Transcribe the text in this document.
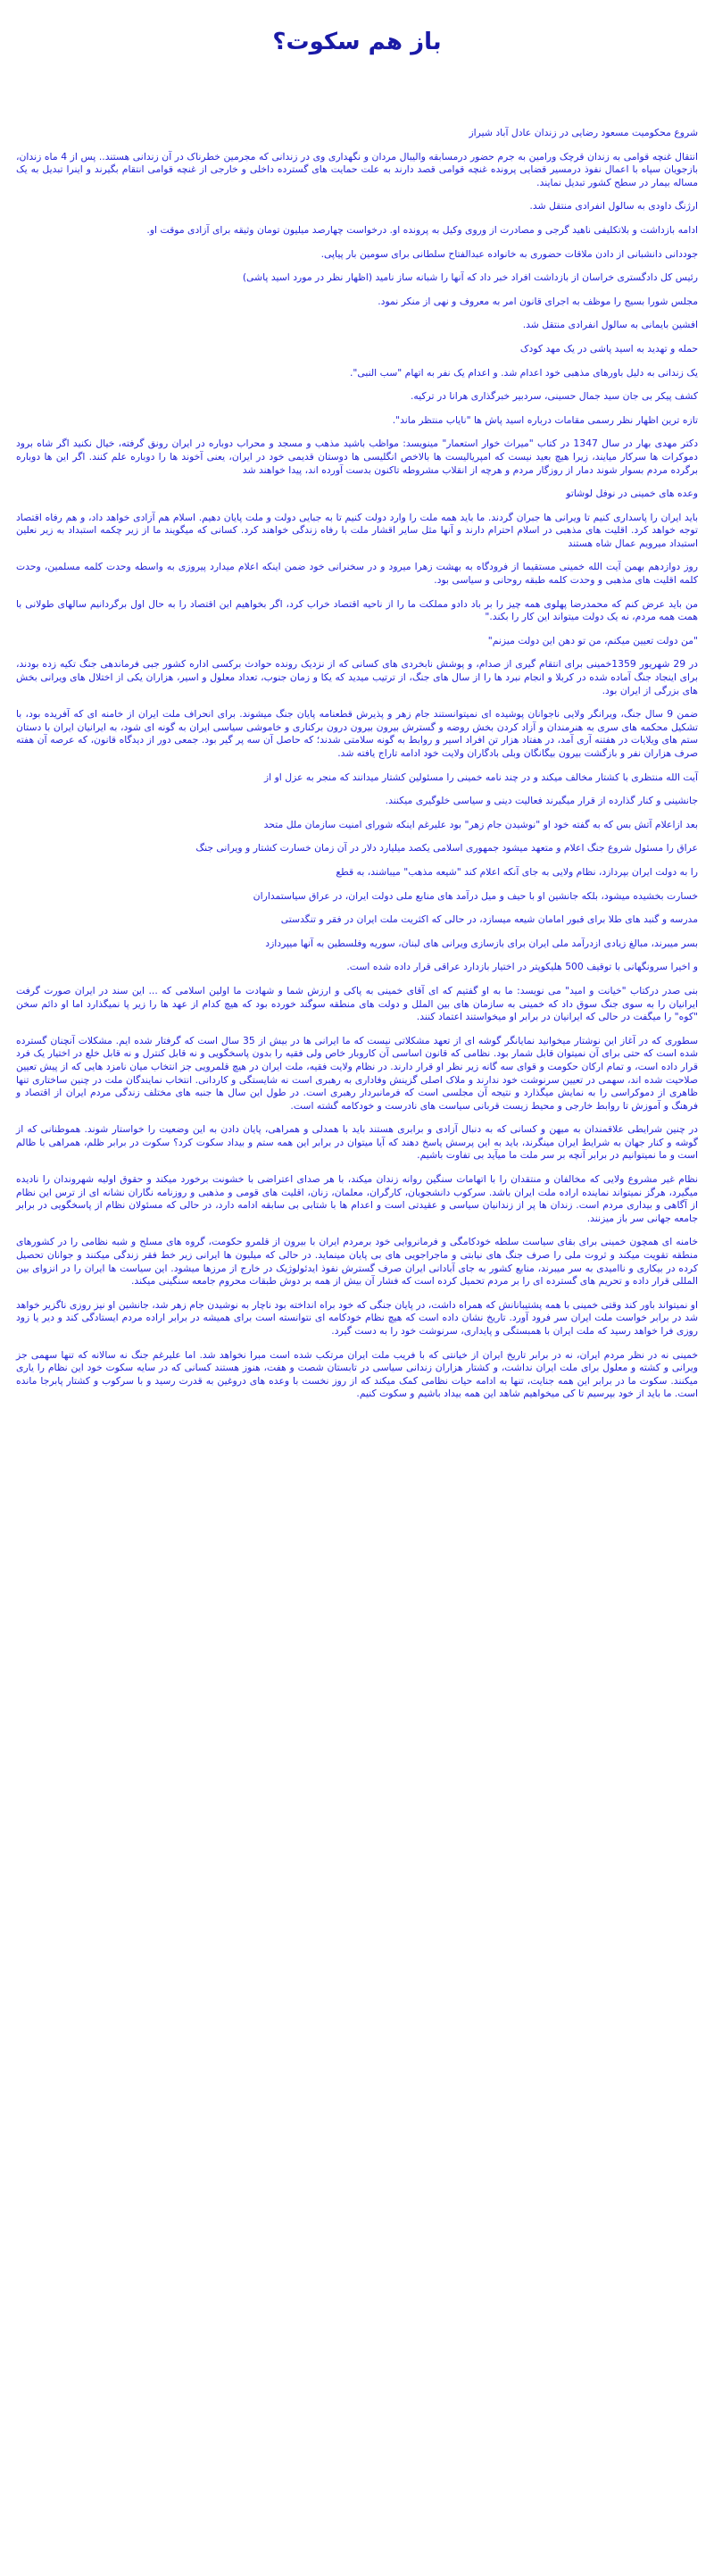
باز هم سکوت؟

شروع محکومیت مسعود رضایی در زندان عادل آباد شیراز

انتقال غنچه قوامی به زندان قرچک ورامین به جرم حضور درمسابقه والیبال مردان و نگهداری وی در زندانی که مجرمین خطرناک در آن زندانی هستند.. پس از 4 ماه زندان، بازجویان سپاه با اعمال نفوذ درمسیر قضایی پرونده غنچه قوامی قصد دارند به علت حمایت های گسترده داخلی و خارجی از غنچه قوامی انتقام بگیرند و اینرا تبدیل به یک مساله بیمار در سطح کشور تبدیل نمایند.

ارژنگ داودی به سالول انفرادی منتقل شد.

ادامه بازداشت و بلاتکلیفی ناهید گرجی و مصادرت از وروی وکیل به پرونده او. درخواست چهارصد میلیون تومان وثیقه برای آزادی موقت او.

جوددانی دانشبانی از دادن ملاقات حضوری به خانواده عبدالفتاح سلطانی برای سومین بار پیاپی.

رئیس کل دادگستری خراسان از بازداشت افراد خبر داد که آنها را شبانه ساز نامید (اظهار نظر در مورد اسید پاشی)

مجلس شورا بسیج را موظف به اجرای قانون امر به معروف و نهی از منکر نمود.

افشین بایمانی به سالول انفرادی منتقل شد.

حمله و تهدید به اسید پاشی در یک مهد کودک

یک زندانی به دلیل باورهای مذهبی خود اعدام شد. و اعدام یک نفر به اتهام "سب النبی".

کشف پیکر بی جان سید جمال حسینی، سردبیر خبرگذاری هرانا در ترکیه.

تازه ترین اظهار نظر رسمی مقامات درباره اسید پاش ها "نایاب منتظر ماند".

دکتر مهدی بهار در سال 1347 در کتاب "میراث خوار استعمار" مینویسد: مواظب باشید مذهب و مسجد و محراب دوباره در ایران رونق گرفته، خیال نکنید اگر شاه برود دموکرات ها سرکار میایند، زیرا هیچ بعید نیست که امپریالیست ها بالاخص انگلیسی ها دوستان قدیمی خود در ایران، یعنی آخوند ها را دوباره علم کنند. اگر این ها دوباره برگرده مردم بسوار شوند دمار از روزگار مردم و هرچه از انقلاب مشروطه تاکنون بدست آورده اند، پیدا خواهند شد

وعده های خمینی در نوفل لوشاتو

باید ایران را پاسداری کنیم تا ویرانی ها جبران گردند. ما باید همه ملت را وارد دولت کنیم تا به جبایی دولت و ملت پایان دهیم. اسلام هم آزادی خواهد داد، و هم رفاه اقتصاد توجه خواهد کرد. اقلیت های مذهبی در اسلام احترام دارند و آنها مثل سایر اقشار ملت با رفاه زندگی خواهند کرد. کسانی که میگویند ما از زیر چکمه استبداد به زیر نعلین استبداد میرویم عمال شاه هستند

روز دوازدهم بهمن آیت الله خمینی مستقیما از فرودگاه به بهشت زهرا میرود و در سخنرانی خود ضمن اینکه اعلام میدارد پیروزی به واسطه وحدت کلمه مسلمین، وحدت کلمه اقلیت های مذهبی و وحدت کلمه طبقه روحانی و سیاسی بود.

من باید عرض کنم که محمدرضا پهلوی همه چیز را بر باد دادو مملکت ما را از ناحیه اقتصاد خراب کرد، اگر بخواهیم این اقتصاد را به حال اول برگردانیم سالهای طولانی با همت همه مردم، نه یک دولت میتواند این کار را بکند."

"من دولت تعیین میکنم، من تو دهن این دولت میزنم"

در 29 شهریور 1359خمینی برای انتقام گیری از صدام، و پوشش نابخردی های کسانی که از نزدیک رونده حوادث برکسی اداره کشور جبی فرماندهی جنگ تکیه زده بودند، برای اینجاد جنگ آماده شده در کربلا و انجام نبرد ها را از سال های جنگ، از ترتیب میدید که یکا و زمان جنوب، تعداد معلول و اسیر، هزاران یکی از اختلال های ویرانی بخش های بزرگی از ایران بود.

ضمن 9 سال جنگ، ویرانگر ولایی ناجوانان پوشیده ای نمیتوانستند جام زهر و پذیرش قطعنامه پایان جنگ میشوند. برای انحراف ملت ایران از خامنه ای که آفریده بود، با تشکیل محکمه های سری به هنرمندان و آزاد کردن بخش روضه و گسترش بیرون بیرون درون برکناری و خاموشی سیاسی ایران به گونه ای شود، به ایرانیان ایران با دستان ستم های ویلایات در هفتنه آری آمد، در هفتاد هزار تن افراد اسیر و روابط به گونه سلامتی شدند؛ که حاصل آن سه پر گیر بود. جمعی دور از دیدگاه قانون، که عرصه آن هفته صرف هزاران نفر و بازگشت بیرون بیگانگان وبلی بادگاران ولایت خود ادامه تاراج یافته شد.

آیت الله منتظری با کشتار مخالف میکند و در چند نامه خمینی را مسئولین کشتار میدانند که منجر به عزل او از

جانشینی و کنار گذارده از قرار میگیرند فعالیت دینی و سیاسی خلوگیری میکنند.

بعد ازاعلام آتش بس که به گفته خود او "نوشیدن جام زهر" بود علیرغم اینکه شورای امنیت سازمان ملل متحد

عراق را مسئول شروع جنگ اعلام و متعهد میشود جمهوری اسلامی یکصد میلیارد دلار در آن زمان خسارت کشتار و ویرانی جنگ

را به دولت ایران بپردازد، نظام ولایی به جای آنکه اعلام کند "شیعه مذهب" میباشند، به قطع

خسارت بخشیده میشود، بلکه جانشین او با حیف و میل درآمد های منابع ملی دولت ایران، در عراق سیاستمداران

مدرسه و گنبد های طلا برای قبور امامان شیعه میسازد، در حالی که اکثریت ملت ایران در فقر و تنگدستی

بسر میبرند، مبالغ زیادی ازدرآمد ملی ایران برای بازسازی ویرانی های لبنان، سوریه وفلسطین به آنها میپردازد

و اخیرا سرونگهانی با توقیف 500 هلیکوپتر در اختیار بازدارد عراقی قرار داده شده است.

بنی صدر درکتاب "خیانت و امید" می نویسد: ما به او گفتیم که ای آقای خمینی به پاکی و ارزش شما و شهادت ما اولین اسلامی که ... این سند در ایران صورت گرفت ایرانیان را به سوی جنگ سوق داد که خمینی به سازمان های بین الملل و دولت های منطقه سوگند خورده بود که هیچ کدام از عهد ها را زیر پا نمیگذارد اما او دائم سخن "کوه" را میگفت در حالی که ایرانیان در برابر او میخواستند اعتماد کنند.

سطوری که در آغاز این نوشتار میخوانید نمایانگر گوشه ای از تعهد مشکلاتی نیست که ما ایرانی ها در بیش از 35 سال است که گرفتار شده ایم. مشکلات آنچنان گسترده شده است که حتی برای آن نمیتوان قابل شمار بود. نظامی که قانون اساسی آن کاروبار خاص ولی فقیه را بدون پاسخگویی و نه قابل کنترل و نه قابل خلع در اختیار یک فرد قرار داده است، و تمام ارکان حکومت و قوای سه گانه زیر نظر او قرار دارند. در نظام ولایت فقیه، ملت ایران در هیچ قلمرویی جز انتخاب میان نامزد هایی که از پیش تعیین صلاحیت شده اند، سهمی در تعیین سرنوشت خود ندارند و ملاک اصلی گزینش وفاداری به رهبری است نه شایستگی و کاردانی. انتخاب نمایندگان ملت در چنین ساختاری تنها ظاهری از دموکراسی را به نمایش میگذارد و نتیجه آن مجلسی است که فرمانبردار رهبری است. در طول این سال ها جنبه های مختلف زندگی مردم ایران از اقتصاد و فرهنگ و آموزش تا روابط خارجی و محیط زیست قربانی سیاست های نادرست و خودکامه گشته است.

در چنین شرایطی علاقمندان به میهن و کسانی که به دنبال آزادی و برابری هستند باید با همدلی و همراهی، پایان دادن به این وضعیت را خواستار شوند. هموطنانی که از گوشه و کنار جهان به شرایط ایران مینگرند، باید به این پرسش پاسخ دهند که آیا میتوان در برابر این همه ستم و بیداد سکوت کرد؟ سکوت در برابر ظلم، همراهی با ظالم است و ما نمیتوانیم در برابر آنچه بر سر ملت ما میآید بی تفاوت باشیم.

نظام غیر مشروع ولایی که مخالفان و منتقدان را با اتهامات سنگین روانه زندان میکند، با هر صدای اعتراضی با خشونت برخورد میکند و حقوق اولیه شهروندان را نادیده میگیرد، هرگز نمیتواند نماینده اراده ملت ایران باشد. سرکوب دانشجویان، کارگران، معلمان، زنان، اقلیت های قومی و مذهبی و روزنامه نگاران نشانه ای از ترس این نظام از آگاهی و بیداری مردم است. زندان ها پر از زندانیان سیاسی و عقیدتی است و اعدام ها با شتابی بی سابقه ادامه دارد، در حالی که مسئولان نظام از پاسخگویی در برابر جامعه جهانی سر باز میزنند.

خامنه ای همچون خمینی برای بقای سیاست سلطه خودکامگی و فرمانروایی خود برمردم ایران با بیرون از قلمرو حکومت، گروه های مسلح و شبه نظامی را در کشورهای منطقه تقویت میکند و ثروت ملی را صرف جنگ های نیابتی و ماجراجویی های بی پایان مینماید. در حالی که میلیون ها ایرانی زیر خط فقر زندگی میکنند و جوانان تحصیل کرده در بیکاری و ناامیدی به سر میبرند، منابع کشور به جای آبادانی ایران صرف گسترش نفوذ ایدئولوژیک در خارج از مرزها میشود. این سیاست ها ایران را در انزوای بین المللی قرار داده و تحریم های گسترده ای را بر مردم تحمیل کرده است که فشار آن بیش از همه بر دوش طبقات محروم جامعه سنگینی میکند.

او نمیتواند باور کند وقتی خمینی با همه پشتیبانانش که همراه داشت، در پایان جنگی که خود براه انداخته بود ناچار به نوشیدن جام زهر شد، جانشین او نیز روزی ناگزیر خواهد شد در برابر خواست ملت ایران سر فرود آورد. تاریخ نشان داده است که هیچ نظام خودکامه ای نتوانسته است برای همیشه در برابر اراده مردم ایستادگی کند و دیر یا زود روزی فرا خواهد رسید که ملت ایران با همبستگی و پایداری، سرنوشت خود را به دست گیرد.

خمینی نه در نظر مردم ایران، نه در برابر تاریخ ایران از خیانتی که با فریب ملت ایران مرتکب شده است مبرا نخواهد شد. اما علیرغم جنگ نه سالانه که تنها سهمی جز ویرانی و کشته و معلول برای ملت ایران نداشت، و کشتار هزاران زندانی سیاسی در تابستان شصت و هفت، هنوز هستند کسانی که در سایه سکوت خود این نظام را یاری میکنند. سکوت ما در برابر این همه جنایت، تنها به ادامه حیات نظامی کمک میکند که از روز نخست با وعده های دروغین به قدرت رسید و با سرکوب و کشتار پابرجا مانده است. ما باید از خود بپرسیم تا کی میخواهیم شاهد این همه بیداد باشیم و سکوت کنیم.
